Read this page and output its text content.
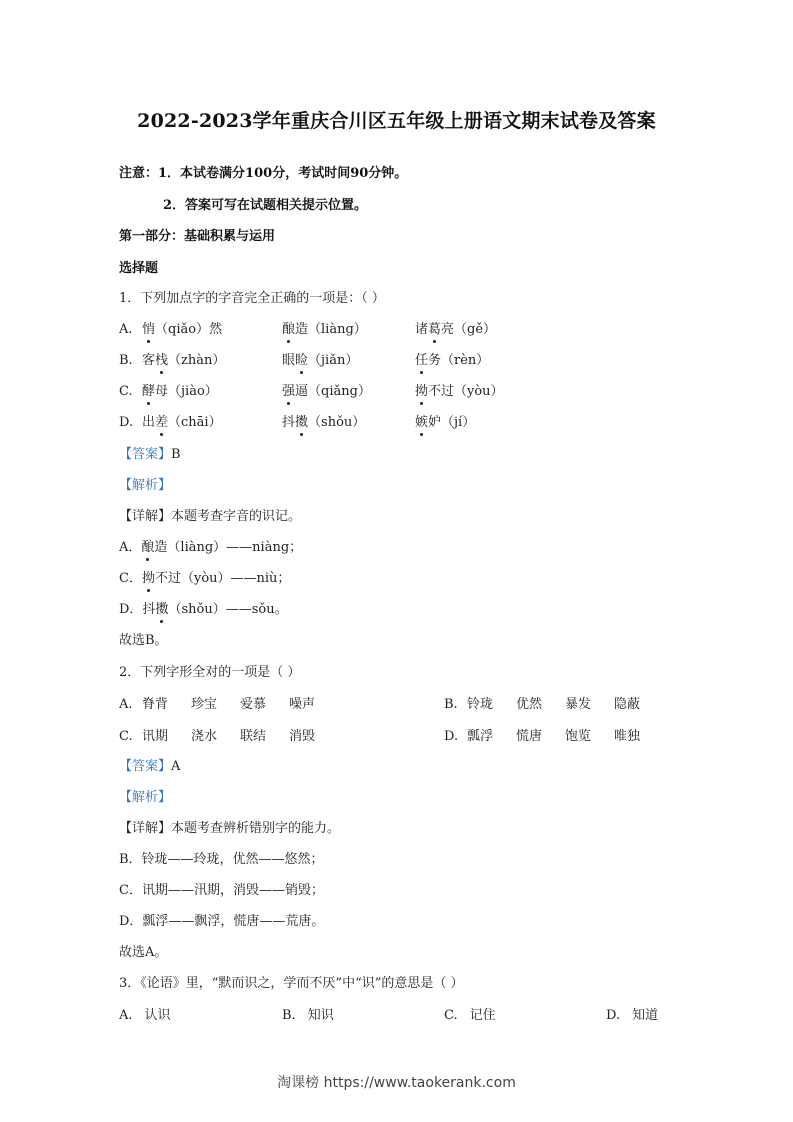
2022-2023学年重庆合川区五年级上册语文期末试卷及答案
注意：1．本试卷满分100分，考试时间90分钟。
2．答案可写在试题相关提示位置。
第一部分：基础积累与运用
选择题
1．下列加点字的字音完全正确的一项是：（ ）
A. 悄（qiǎo）然	酿造（liàng）	诸葛亮（gě）
B. 客栈（zhàn）	眼睑（jiǎn）	任务（rèn）
C. 酵母（jiào）	强逼（qiǎng）	拗不过（yòu）
D. 出差（chāi）	抖擞（shǒu）	嫉妒（jí）
【答案】B
【解析】
【详解】本题考查字音的识记。
A．酿造（liàng）——niàng；
C．拗不过（yòu）——niù；
D．抖擞（shǒu）——sǒu。
故选B。
2．下列字形全对的一项是（ ）
A. 脊背 珍宝 爱慕 噪声	B. 铃珑 优然 暴发 隐蔽
C. 讯期 浇水 联结 消毁	D. 瓢浮 慌唐 饱览 唯独
【答案】A
【解析】
【详解】本题考查辨析错别字的能力。
B．铃珑——玲珑，优然——悠然；
C．讯期——汛期，消毁——销毁；
D．瓢浮——飘浮，慌唐——荒唐。
故选A。
3．《论语》里，“默而识之，学而不厌”中“识”的意思是（ ）
A. 认识	B. 知识	C. 记住	D. 知道
淘课榜 https://www.taokerank.com
